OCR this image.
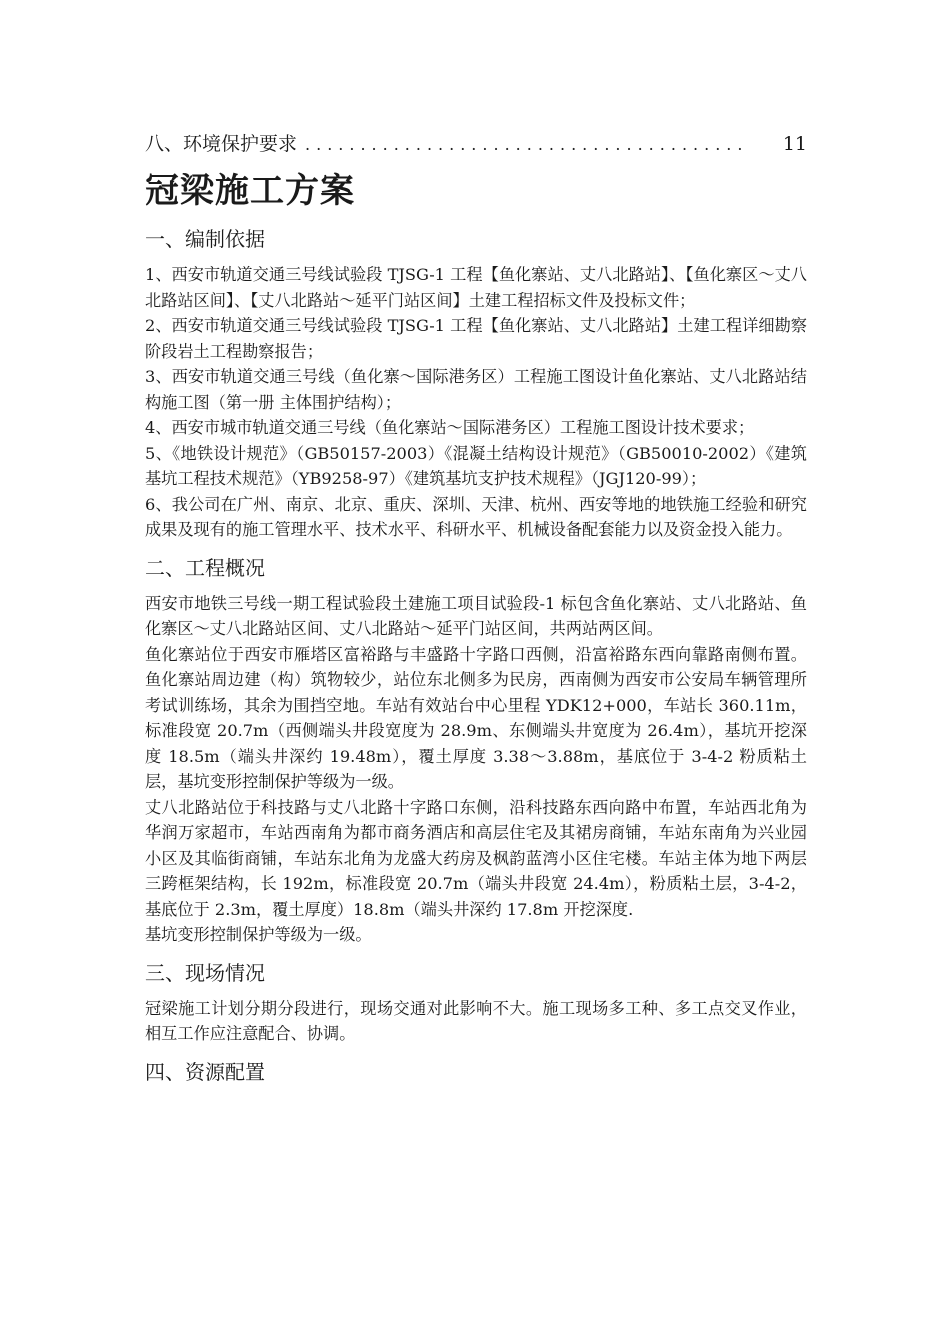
八、环境保护要求 ........................................	11
冠梁施工方案
一、编制依据

1、西安市轨道交通三号线试验段 TJSG-1 工程【鱼化寨站、丈八北路站】、【鱼化寨区～丈八北路站区间】、【丈八北路站～延平门站区间】土建工程招标文件及投标文件；

2、西安市轨道交通三号线试验段 TJSG-1 工程【鱼化寨站、丈八北路站】土建工程详细勘察阶段岩土工程勘察报告；

3、西安市轨道交通三号线（鱼化寨～国际港务区）工程施工图设计鱼化寨站、丈八北路站结构施工图（第一册 主体围护结构）；

4、西安市城市轨道交通三号线（鱼化寨站～国际港务区）工程施工图设计技术要求；

5、《地铁设计规范》（GB50157-2003）《混凝土结构设计规范》（GB50010-2002）《建筑基坑工程技术规范》（YB9258-97）《建筑基坑支护技术规程》（JGJ120-99）；

6、我公司在广州、南京、北京、重庆、深圳、天津、杭州、西安等地的地铁施工经验和研究成果及现有的施工管理水平、技术水平、科研水平、机械设备配套能力以及资金投入能力。

二、工程概况

西安市地铁三号线一期工程试验段土建施工项目试验段-1 标包含鱼化寨站、丈八北路站、鱼化寨区～丈八北路站区间、丈八北路站～延平门站区间，共两站两区间。

鱼化寨站位于西安市雁塔区富裕路与丰盛路十字路口西侧，沿富裕路东西向靠路南侧布置。鱼化寨站周边建（构）筑物较少，站位东北侧多为民房，西南侧为西安市公安局车辆管理所考试训练场，其余为围挡空地。车站有效站台中心里程 YDK12+000，车站长 360.11m，标准段宽 20.7m（西侧端头井段宽度为 28.9m、东侧端头井宽度为 26.4m），基坑开挖深度 18.5m（端头井深约 19.48m），覆土厚度 3.38～3.88m，基底位于 3-4-2 粉质粘土层，基坑变形控制保护等级为一级。

丈八北路站位于科技路与丈八北路十字路口东侧，沿科技路东西向路中布置，车站西北角为华润万家超市，车站西南角为都市商务酒店和高层住宅及其裙房商铺，车站东南角为兴业园小区及其临街商铺，车站东北角为龙盛大药房及枫韵蓝湾小区住宅楼。车站主体为地下两层三跨框架结构，长 192m，标准段宽 20.7m（端头井段宽 24.4m），粉质粘土层，3-4-2，基底位于 2.3m，覆土厚度）18.8m（端头井深约 17.8m 开挖深度.

基坑变形控制保护等级为一级。

三、现场情况

冠梁施工计划分期分段进行，现场交通对此影响不大。施工现场多工种、多工点交叉作业，相互工作应注意配合、协调。

四、资源配置
